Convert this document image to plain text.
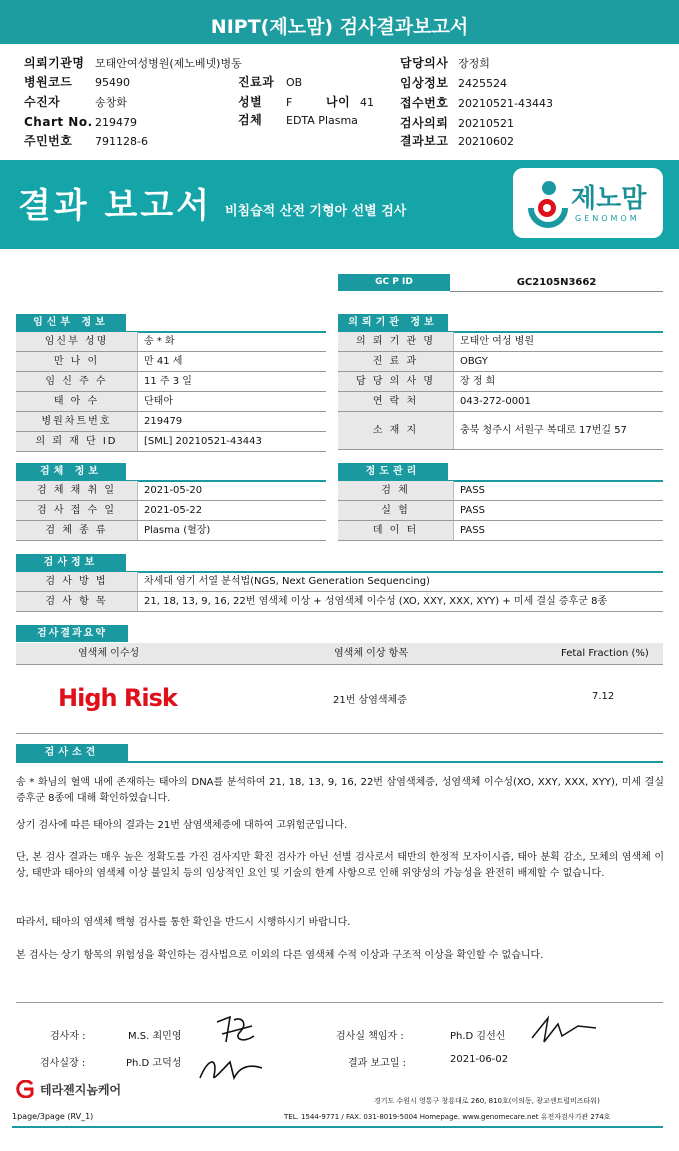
NIPT(제노맘) 검사결과보고서
의뢰기관명 모태안여성병원(제노베넷)병동
병원코드 95490	진료과 OB
수진자	송창화	성별 F	나이 41
Chart No. 219479	검체 EDTA Plasma
주민번호 791128-6
담당의사 장정희
임상정보 2425524
접수번호 20210521-43443
검사의뢰 20210521
결과보고 20210602
결과 보고서 비침습적 산전 기형아 선별 검사	제노맘
GENOMOM
GC P ID	GC2105N3662
임신부 정보
임신부 성명	송 * 화
만 나 이	만 41 세
임 신 주 수	11 주 3 일
태 아 수	단태아
병원차트번호	219479
의 뢰 재 단 ID	[SML] 20210521-43443
의뢰기관 정보
의 뢰 기 관 명	모태안 여성 병원
진 료 과	OBGY
담 당 의 사 명	장 정 희
연 락 처	043-272-0001
소 재 지	충북 청주시 서원구 복대로 17번길 57
검체 정보
검 체 채 취 일	2021-05-20
검 사 접 수 일	2021-05-22
검 체 종 류	Plasma (혈장)
정도관리
검 체	PASS
실 험	PASS
데 이 터	PASS
검사정보
검 사 방 법	차세대 염기 서열 분석법(NGS, Next Generation Sequencing)
검 사 항 목	21, 18, 13, 9, 16, 22번 염색체 이상 + 성염색체 이수성 (XO, XXY, XXX, XYY) + 미세 결실 증후군 8종
검사결과요약
염색체 이수성	염색체 이상 항목	Fetal Fraction (%)
High Risk	21번 삼염색체증	7.12
검사소견
송 * 화님의 혈액 내에 존재하는 태아의 DNA를 분석하여 21, 18, 13, 9, 16, 22번 삼염색체증, 성염색체 이수성(XO, XXY, XXX, XYY), 미세 결실 증후군 8종에 대해 확인하였습니다.
상기 검사에 따른 태아의 결과는 21번 삼염색체증에 대하여 고위험군입니다.
단, 본 검사 결과는 매우 높은 정확도를 가진 검사지만 확진 검사가 아닌 선별 검사로서 태반의 한정적 모자이시즘, 태아 분획 감소, 모체의 염색체 이상, 태반과 태아의 염색체 이상 불일치 등의 임상적인 요인 및 기술의 한계 사항으로 인해 위양성의 가능성을 완전히 배제할 수 없습니다.
따라서, 태아의 염색체 핵형 검사를 통한 확인을 반드시 시행하시기 바랍니다.
본 검사는 상기 항목의 위험성을 확인하는 검사법으로 이외의 다른 염색체 수적 이상과 구조적 이상을 확인할 수 없습니다.
검사자 :	M.S. 최민영	검사실 책임자 :	Ph.D 김선신
검사실장 :	Ph.D 고덕성	결과 보고일 :	2021-06-02
테라젠지놈케어
1page/3page (RV_1)
경기도 수원시 영통구 창룡대로 260, 810호(이의동, 광교센트럴비즈타워)
TEL. 1544-9771 / FAX. 031-8019-5004 Homepage. www.genomecare.net 유전자검사기관 274호
